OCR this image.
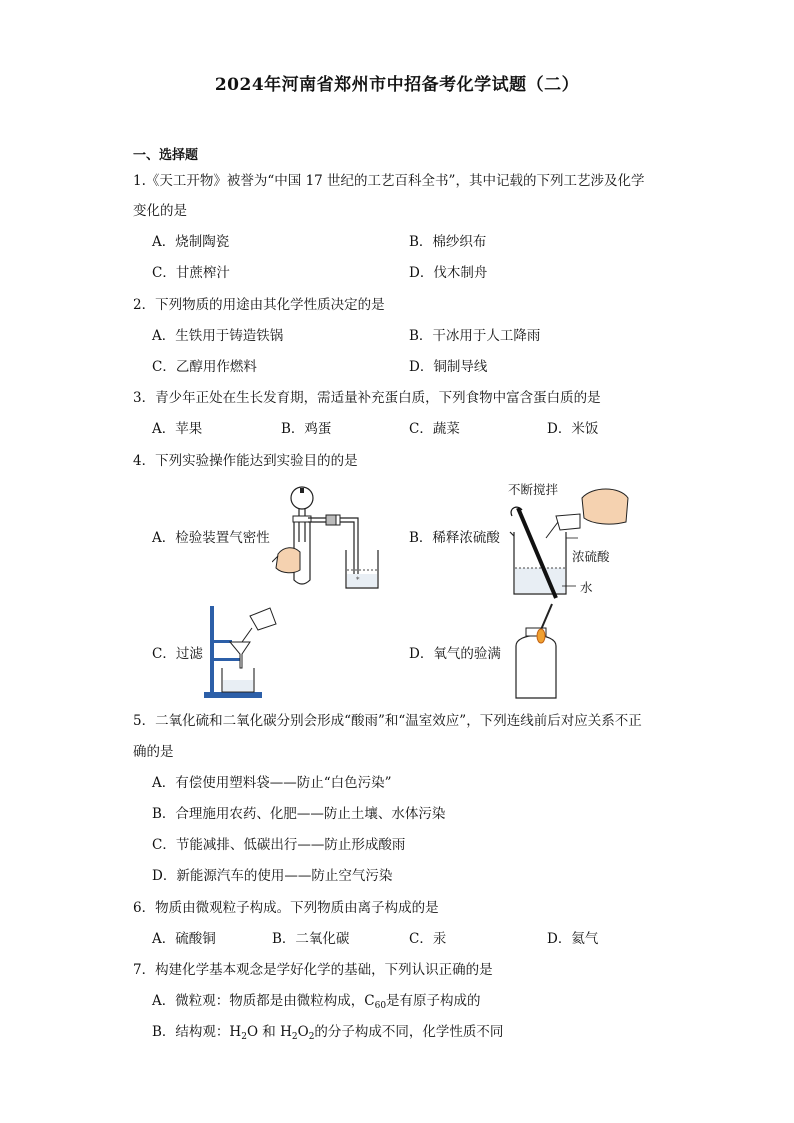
2024年河南省郑州市中招备考化学试题（二）
一、选择题
1.《天工开物》被誉为“中国 17 世纪的工艺百科全书”，其中记载的下列工艺涉及化学
变化的是
A．烧制陶瓷	B．棉纱织布
C．甘蔗榨汁	D．伐木制舟
2．下列物质的用途由其化学性质决定的是
A．生铁用于铸造铁锅	B．干冰用于人工降雨
C．乙醇用作燃料	D．铜制导线
3．青少年正处在生长发育期，需适量补充蛋白质，下列食物中富含蛋白质的是
A．苹果	B．鸡蛋	C．蔬菜	D．米饭
4．下列实验操作能达到实验目的的是
A．检验装置气密性	B．稀释浓硫酸
C．过滤	D．氧气的验满
*
不断搅拌
浓硫酸
水
5．二氧化硫和二氧化碳分别会形成“酸雨”和“温室效应”，下列连线前后对应关系不正
确的是
A．有偿使用塑料袋——防止“白色污染”
B．合理施用农药、化肥——防止土壤、水体污染
C．节能减排、低碳出行——防止形成酸雨
D．新能源汽车的使用——防止空气污染
6．物质由微观粒子构成。下列物质由离子构成的是
A．硫酸铜	B．二氧化碳	C．汞	D．氦气
7．构建化学基本观念是学好化学的基础，下列认识正确的是
A．微粒观：物质都是由微粒构成，$C_{60}$是有原子构成的
B．结构观：$H_2O$ 和 $H_2O_2$的分子构成不同，化学性质不同
